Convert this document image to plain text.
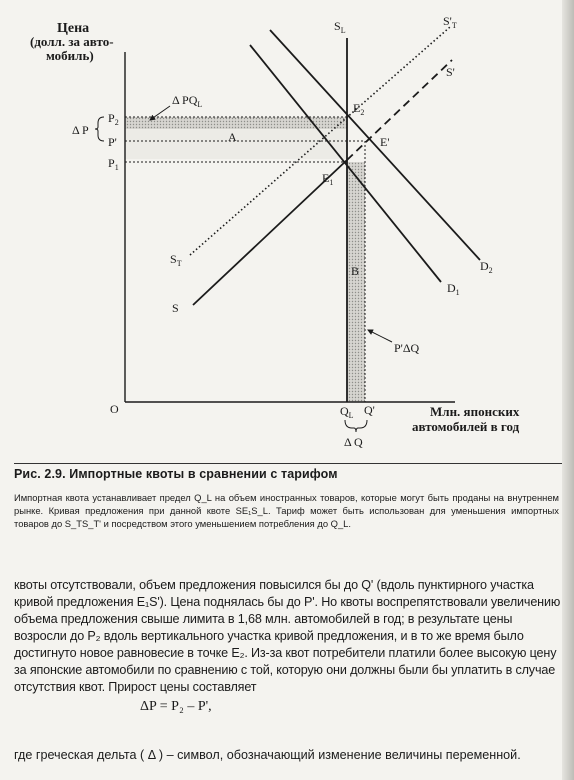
Цена
(долл. за авто-
мобиль)
$P_2$
P'
$P_1$
Δ P
Δ $PQ_L$
A
B
P'ΔQ
$S_L$
$S'_T$
S'
$S_T$
S
$D_2$
$D_1$
$E_2$
E'
$E_1$
O	$Q_L$ Q'
Δ Q
Млн. японских
автомобилей в год
Рис. 2.9. Импортные квоты в сравнении с тарифом
Импортная квота устанавливает предел Q_L на объем иностранных товаров, которые могут быть проданы на внутреннем рынке. Кривая предложения при данной квоте SE₁S_L. Тариф может быть использован для уменьшения импортных товаров до S_TS_T' и посредством этого уменьшением потребления до Q_L.

квоты отсутствовали, объем предложения повысился бы до Q' (вдоль пунктирного участка кривой предложения E₁S'). Цена поднялась бы до P'. Но квоты воспрепятствовали увеличению объема предложения свыше лимита в 1,68 млн. автомобилей в год; в результате цены возросли до P₂ вдоль вертикального участка кривой предложения, и в то же время было достигнуто новое равновесие в точке E₂. Из-за квот потребители платили более высокую цену за японские автомобили по сравнению с той, которую они должны были бы уплатить в случае отсутствия квот. Прирост цены составляет

ΔP = P₂ – P',
где греческая дельта ( Δ ) – символ, обозначающий изменение величины переменной.
